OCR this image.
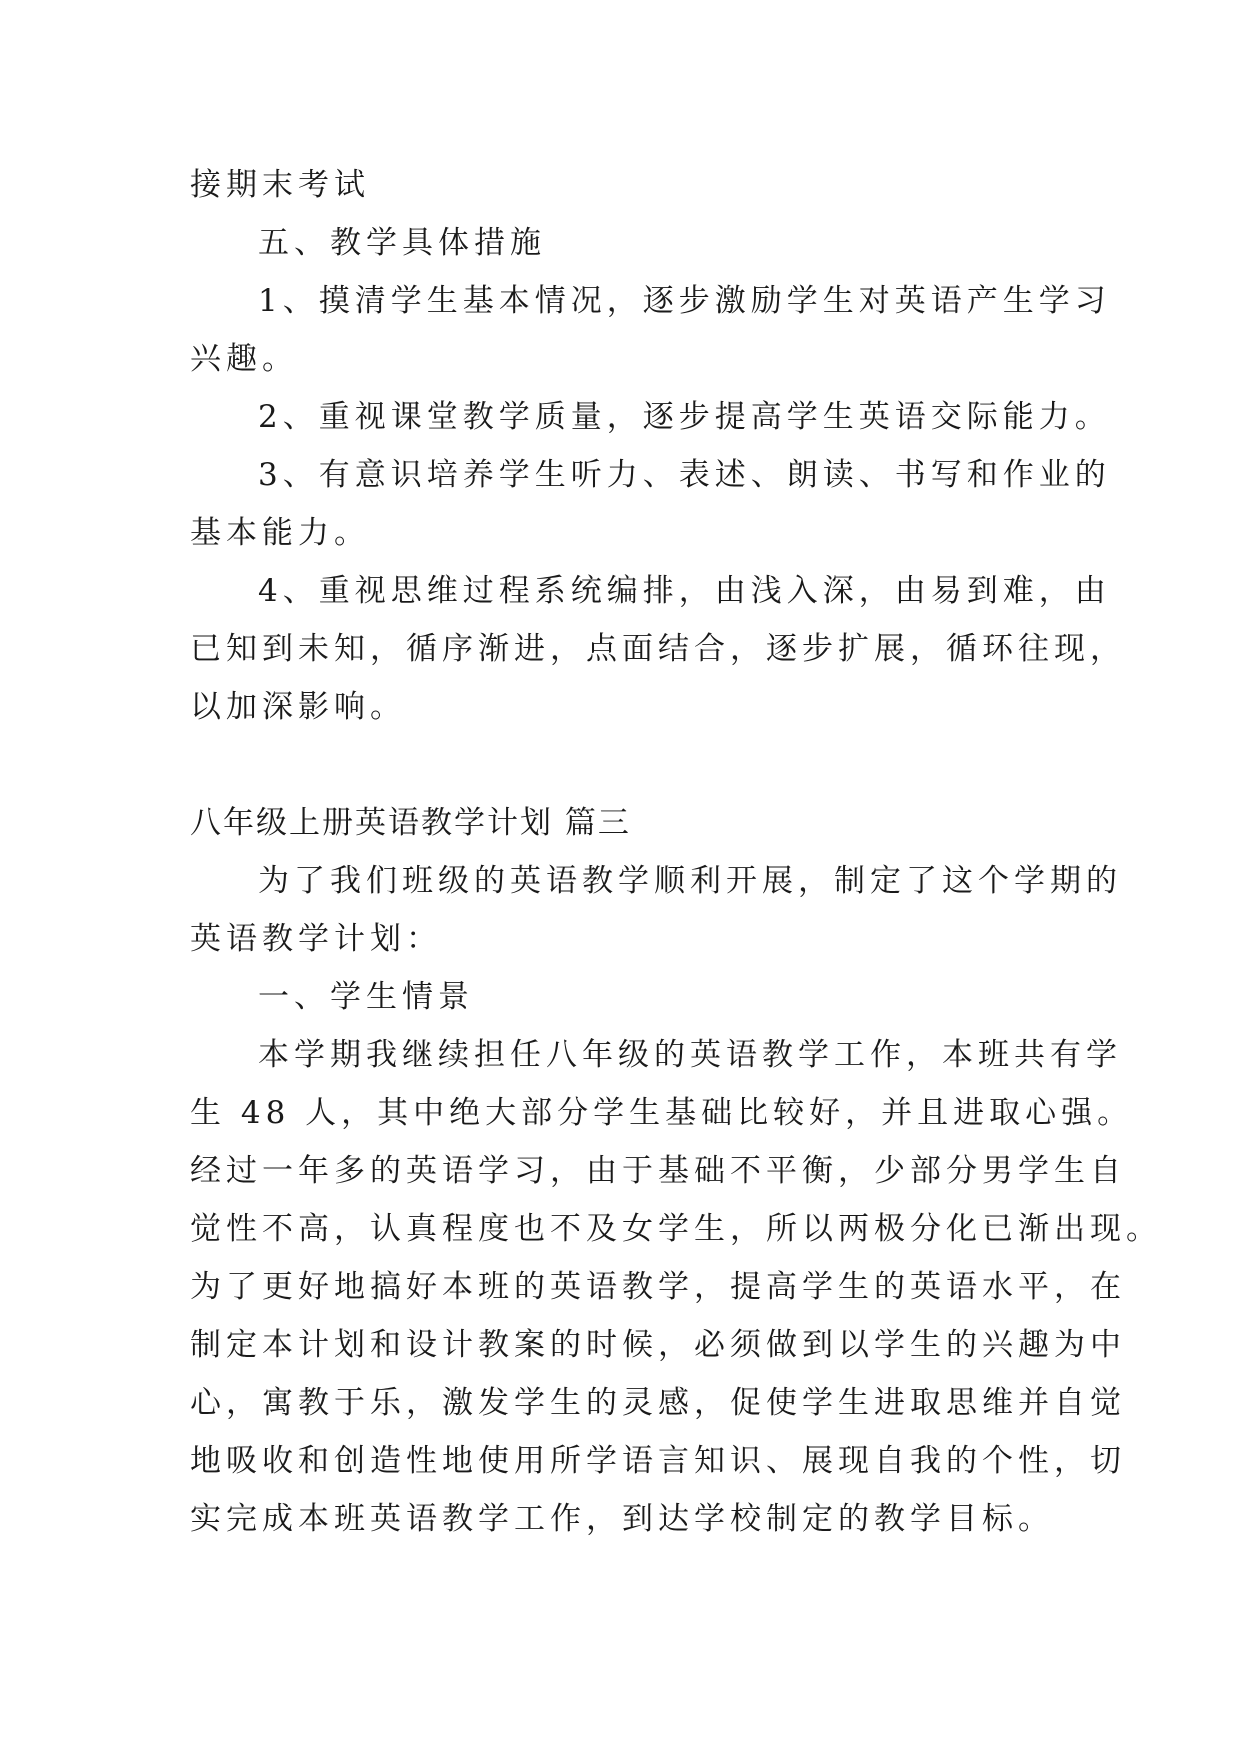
接期末考试
五、教学具体措施
1、摸清学生基本情况，逐步激励学生对英语产生学习
兴趣。
2、重视课堂教学质量，逐步提高学生英语交际能力。
3、有意识培养学生听力、表述、朗读、书写和作业的
基本能力。
4、重视思维过程系统编排，由浅入深，由易到难，由
已知到未知，循序渐进，点面结合，逐步扩展，循环往现，
以加深影响。
八年级上册英语教学计划 篇三
为了我们班级的英语教学顺利开展，制定了这个学期的
英语教学计划：
一、学生情景
本学期我继续担任八年级的英语教学工作，本班共有学
生 48 人，其中绝大部分学生基础比较好，并且进取心强。
经过一年多的英语学习，由于基础不平衡，少部分男学生自
觉性不高，认真程度也不及女学生，所以两极分化已渐出现。
为了更好地搞好本班的英语教学，提高学生的英语水平，在
制定本计划和设计教案的时候，必须做到以学生的兴趣为中
心，寓教于乐，激发学生的灵感，促使学生进取思维并自觉
地吸收和创造性地使用所学语言知识、展现自我的个性，切
实完成本班英语教学工作，到达学校制定的教学目标。
